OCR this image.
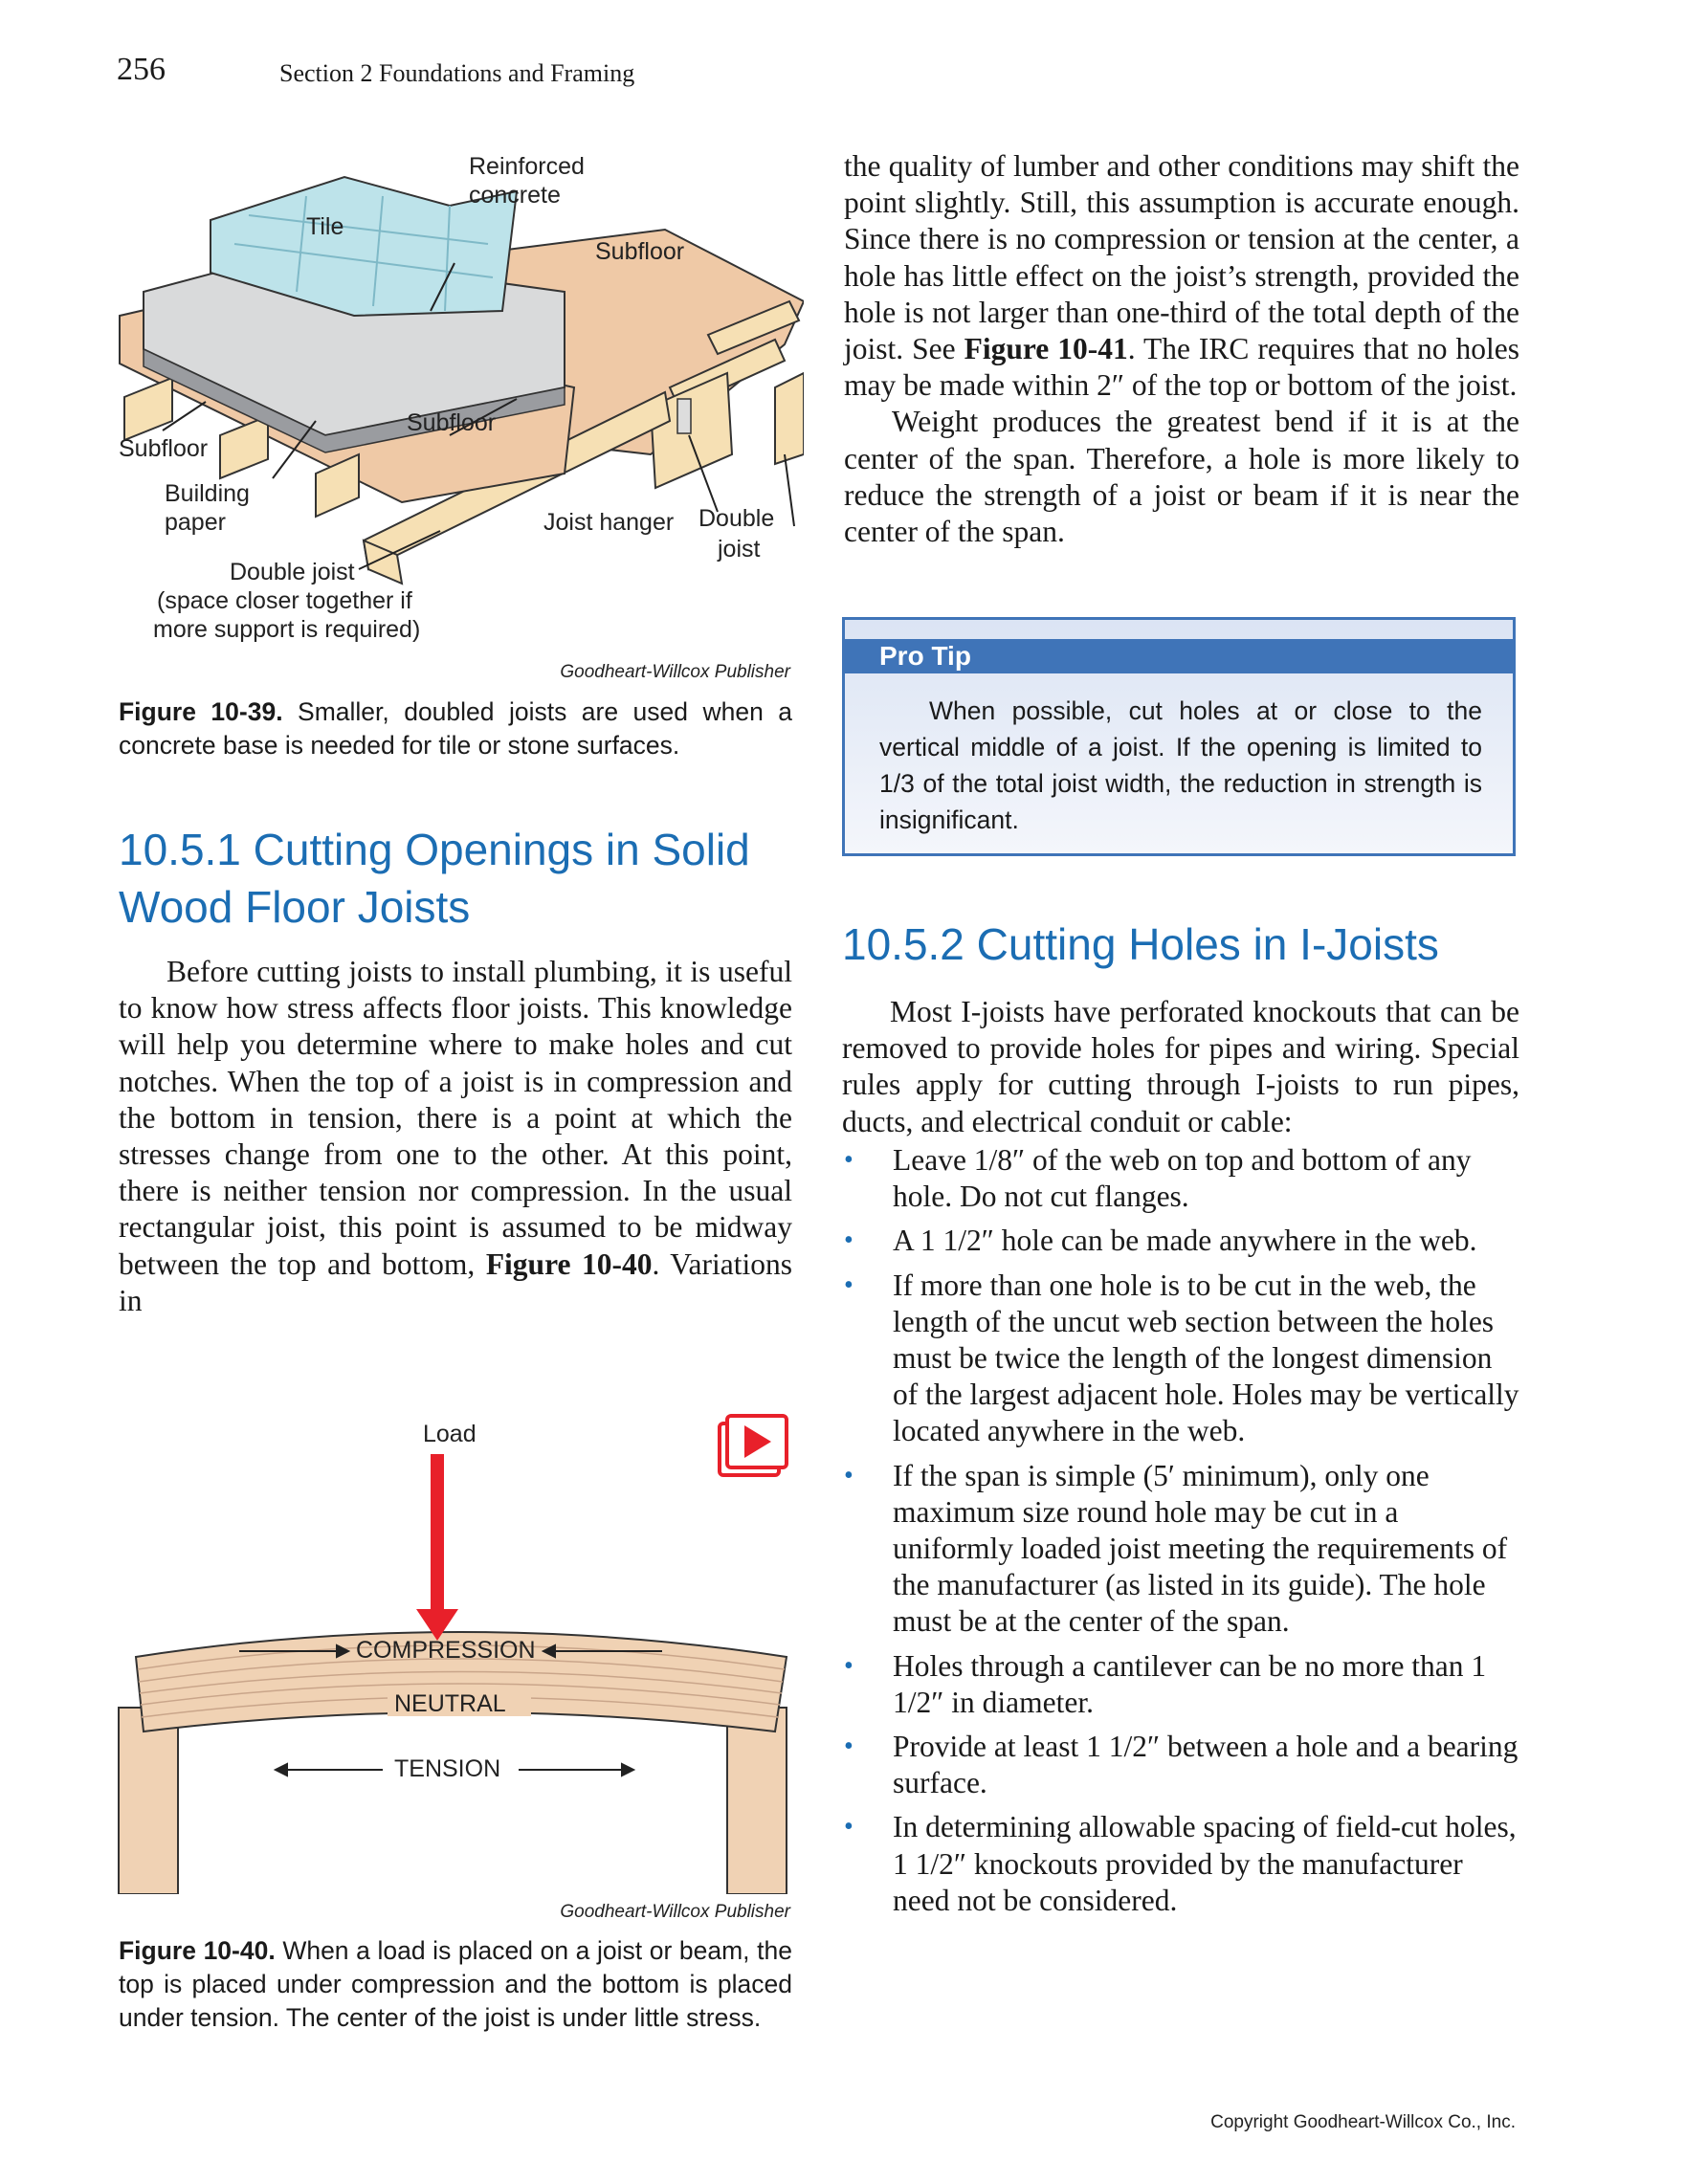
256	Section 2 Foundations and Framing
Reinforced
concrete
Tile
Subfloor
Subfloor
Subfloor
Building
paper	Joist hanger Double
joist
Double joist
(space closer together if
more support is required)
Goodheart-Willcox Publisher
Figure 10-39. Smaller, doubled joists are used when a concrete base is needed for tile or stone surfaces.

the quality of lumber and other conditions may shift the point slightly. Still, this assumption is accurate enough. Since there is no compression or tension at the center, a hole has little effect on the joist’s strength, provided the hole is not larger than one-third of the total depth of the joist. See Figure 10-41. The IRC requires that no holes may be made within 2″ of the top or bottom of the joist.

Weight produces the greatest bend if it is at the center of the span. Therefore, a hole is more likely to reduce the strength of a joist or beam if it is near the center of the span.

Pro Tip
When possible, cut holes at or close to the vertical middle of a joist. If the opening is limited to 1/3 of the total joist width, the reduction in strength is insignificant.
10.5.1 Cutting Openings in Solid Wood Floor Joists

Before cutting joists to install plumbing, it is useful to know how stress affects floor joists. This knowledge will help you determine where to make holes and cut notches. When the top of a joist is in compression and the bottom in tension, there is a point at which the stresses change from one to the other. At this point, there is neither tension nor compression. In the usual rectangular joist, this point is assumed to be midway between the top and bottom, Figure 10-40. Variations in

10.5.2 Cutting Holes in I-Joists

Most I-joists have perforated knockouts that can be removed to provide holes for pipes and wiring. Special rules apply for cutting through I-joists to run pipes, ducts, and electrical conduit or cable:

• Leave 1/8″ of the web on top and bottom of any hole. Do not cut flanges.
• A 1 1/2″ hole can be made anywhere in the web.
• If more than one hole is to be cut in the web, the length of the uncut web section between the holes must be twice the length of the longest dimension of the largest adjacent hole. Holes may be vertically located anywhere in the web.
• If the span is simple (5′ minimum), only one maximum size round hole may be cut in a uniformly loaded joist meeting the requirements of the manufacturer (as listed in its guide). The hole must be at the center of the span.
• Holes through a cantilever can be no more than 1 1/2″ in diameter.
• Provide at least 1 1/2″ between a hole and a bearing surface.
• In determining allowable spacing of field-cut holes, 1 1/2″ knockouts provided by the manufacturer need not be considered.
Load
COMPRESSION
NEUTRAL
TENSION
Goodheart-Willcox Publisher
Figure 10-40. When a load is placed on a joist or beam, the top is placed under compression and the bottom is placed under tension. The center of the joist is under little stress.
Copyright Goodheart-Willcox Co., Inc.
